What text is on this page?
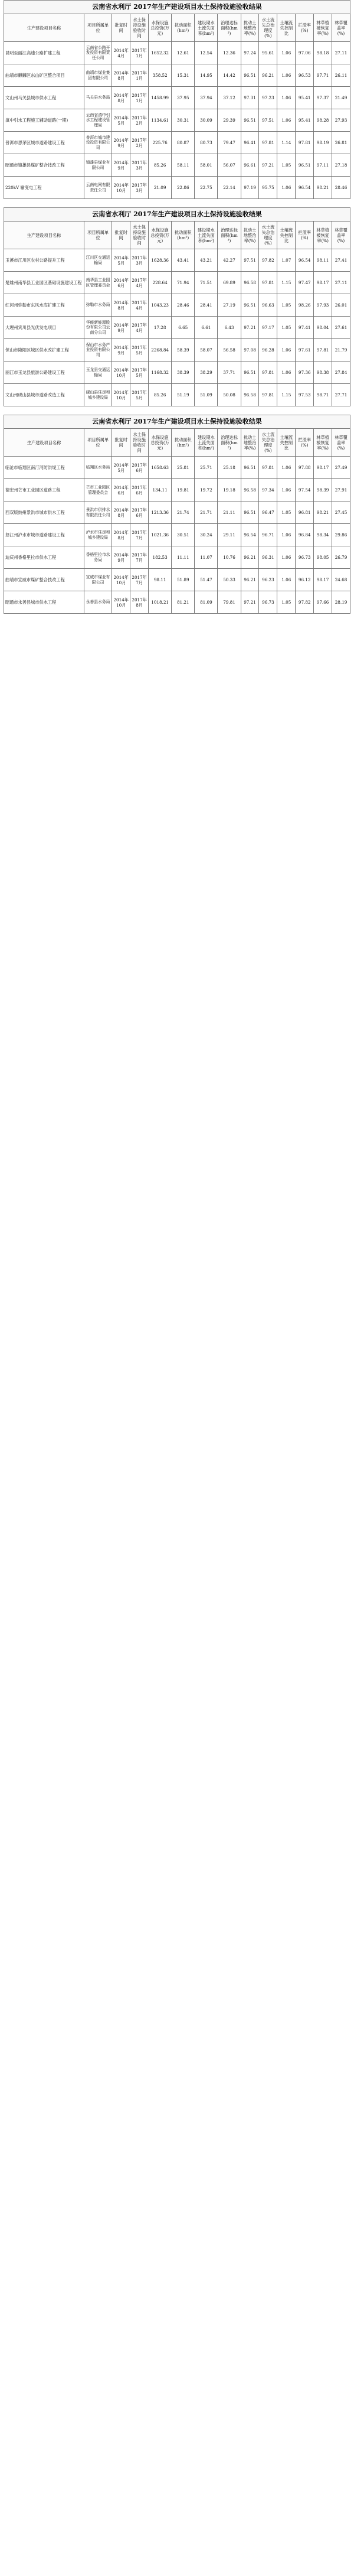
云南省水利厅 2017年生产建设项目水土保持设施验收结果
生产建设项目名称	项目所属单位	批复时间	水土保持设施验收时间	水保设施总投资(万元)	扰动面积(hm²)	建设期水土流失面积(hm²)	治理达标面积(hm²)	扰动土地整治率(%)	水土流失总治理度(%)	土壤流失控制比	拦渣率(%)	林草植被恢复率(%)	林草覆盖率(%)
昆明至丽江高速公路扩建工程	云南省公路开发投资有限责任公司	2014年4月	2017年1月	1652.32	12.61	12.54	12.36	97.24	95.61	1.06	97.06	98.18	27.11
曲靖市麒麟区东山矿区整合项目	曲靖市煤业集团有限公司	2014年8月	2017年1月	358.52	15.31	14.95	14.42	96.51	96.21	1.06	96.53	97.71	26.11
文山州马关县城市供水工程	马关县水务局	2014年8月	2017年1月	1458.99	37.95	37.94	37.12	97.31	97.23	1.06	95.41	97.37	21.49
滇中引水工程施工辅助道路(一期)	云南省滇中引水工程建设管理局	2014年5月	2017年2月	1134.61	30.31	30.09	29.39	96.51	97.51	1.06	95.41	98.28	27.93
普洱市思茅区城市道路建设工程	普洱市城市建设投资有限公司	2014年9月	2017年2月	225.76	80.87	80.73	79.47	96.41	97.81	1.14	97.81	98.19	26.81
昭通市镇雄县煤矿整合技改工程	镇雄县煤业有限公司	2014年9月	2017年3月	85.26	58.11	58.01	56.07	96.61	97.21	1.05	96.51	97.11	27.18
220kV 输变电工程	云南电网有限责任公司	2014年10月	2017年3月	21.09	22.86	22.75	22.14	97.19	95.75	1.06	96.54	98.21	28.46
云南省水利厅 2017年生产建设项目水土保持设施验收结果
生产建设项目名称	项目所属单位	批复时间	水土保持设施验收时间	水保设施总投资(万元)	扰动面积(hm²)	建设期水土流失面积(hm²)	治理达标面积(hm²)	扰动土地整治率(%)	水土流失总治理度(%)	土壤流失控制比	拦渣率(%)	林草植被恢复率(%)	林草覆盖率(%)
玉溪市江川区农村公路提升工程	江川区交通运输局	2014年5月	2017年3月	1628.36	43.41	43.21	42.27	97.51	97.82	1.07	96.54	98.11	27.41
楚雄州南华县工业园区基础设施建设工程	南华县工业园区管理委员会	2014年6月	2017年4月	228.64	71.94	71.51	69.89	96.58	97.81	1.15	97.47	98.17	27.11
红河州弥勒市东风水库扩建工程	弥勒市水务局	2014年8月	2017年4月	1043.23	28.46	28.41	27.19	96.51	96.63	1.05	98.26	97.93	26.01
大理州宾川县光伏发电项目	华能新能源股份有限公司云南分公司	2014年9月	2017年4月	17.28	6.65	6.61	6.43	97.21	97.17	1.05	97.41	98.04	27.61
保山市隆阳区城区供水改扩建工程	保山市水务产业投资有限公司	2014年9月	2017年5月	2268.84	58.39	58.07	56.58	97.08	96.28	1.06	97.61	97.81	21.79
丽江市玉龙县旅游公路建设工程	玉龙县交通运输局	2014年10月	2017年5月	1168.32	38.39	38.29	37.71	96.51	97.81	1.06	97.36	98.38	27.84
文山州砚山县城市道路改造工程	砚山县住房和城乡建设局	2014年10月	2017年5月	85.26	51.19	51.09	50.08	96.58	97.81	1.15	97.53	98.71	27.71
云南省水利厅 2017年生产建设项目水土保持设施验收结果
生产建设项目名称	项目所属单位	批复时间	水土保持设施验收时间	水保设施总投资(万元)	扰动面积(hm²)	建设期水土流失面积(hm²)	治理达标面积(hm²)	扰动土地整治率(%)	水土流失总治理度(%)	土壤流失控制比	拦渣率(%)	林草植被恢复率(%)	林草覆盖率(%)
临沧市临翔区南汀河防洪堤工程	临翔区水务局	2014年5月	2017年6月	1658.63	25.81	25.71	25.18	96.51	97.81	1.06	97.88	98.17	27.49
德宏州芒市工业园区道路工程	芒市工业园区管理委员会	2014年6月	2017年6月	134.11	19.81	19.72	19.18	96.58	97.34	1.06	97.54	98.39	27.91
西双版纳州景洪市城市供水工程	景洪市供排水有限责任公司	2014年8月	2017年6月	1213.36	21.74	21.71	21.11	96.51	96.47	1.05	96.81	98.21	27.45
怒江州泸水市城市道路建设工程	泸水市住房和城乡建设局	2014年8月	2017年7月	1021.36	30.51	30.24	29.11	96.54	96.71	1.06	96.84	98.34	29.86
迪庆州香格里拉市供水工程	香格里拉市水务局	2014年9月	2017年7月	182.53	11.11	11.07	10.76	96.21	96.31	1.06	96.73	98.05	26.79
曲靖市宣威市煤矿整合技改工程	宣威市煤业有限公司	2014年10月	2017年7月	98.11	51.89	51.47	50.33	96.21	96.23	1.06	96.12	98.17	24.68
昭通市永善县城市供水工程	永善县水务局	2014年10月	2017年8月	1018.21	81.21	81.09	79.81	97.21	96.73	1.05	97.82	97.66	28.19
